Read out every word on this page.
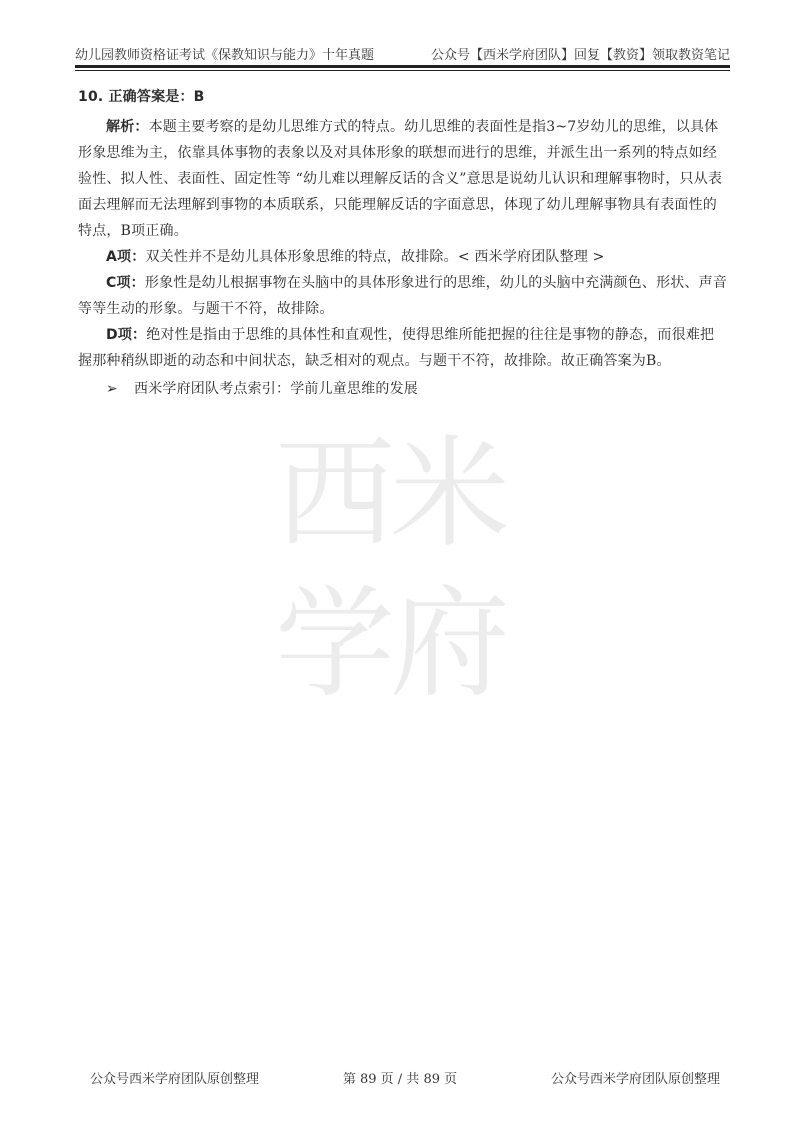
幼儿园教师资格证考试《保教知识与能力》十年真题	公众号【西米学府团队】回复【教资】领取教资笔记
西米
学府

10. 正确答案是：B

解析：本题主要考察的是幼儿思维方式的特点。幼儿思维的表面性是指3~7岁幼儿的思维，以具体形象思维为主，依靠具体事物的表象以及对具体形象的联想而进行的思维，并派生出一系列的特点如经验性、拟人性、表面性、固定性等 “幼儿难以理解反话的含义”意思是说幼儿认识和理解事物时，只从表面去理解而无法理解到事物的本质联系，只能理解反话的字面意思，体现了幼儿理解事物具有表面性的特点，B项正确。

A项：双关性并不是幼儿具体形象思维的特点，故排除。< 西米学府团队整理 >

C项：形象性是幼儿根据事物在头脑中的具体形象进行的思维，幼儿的头脑中充满颜色、形状、声音等等生动的形象。与题干不符，故排除。

D项：绝对性是指由于思维的具体性和直观性，使得思维所能把握的往往是事物的静态，而很难把握那种稍纵即逝的动态和中间状态，缺乏相对的观点。与题干不符，故排除。故正确答案为B。

➢ 西米学府团队考点索引：学前儿童思维的发展

公众号西米学府团队原创整理	第 89 页 / 共 89 页	公众号西米学府团队原创整理
